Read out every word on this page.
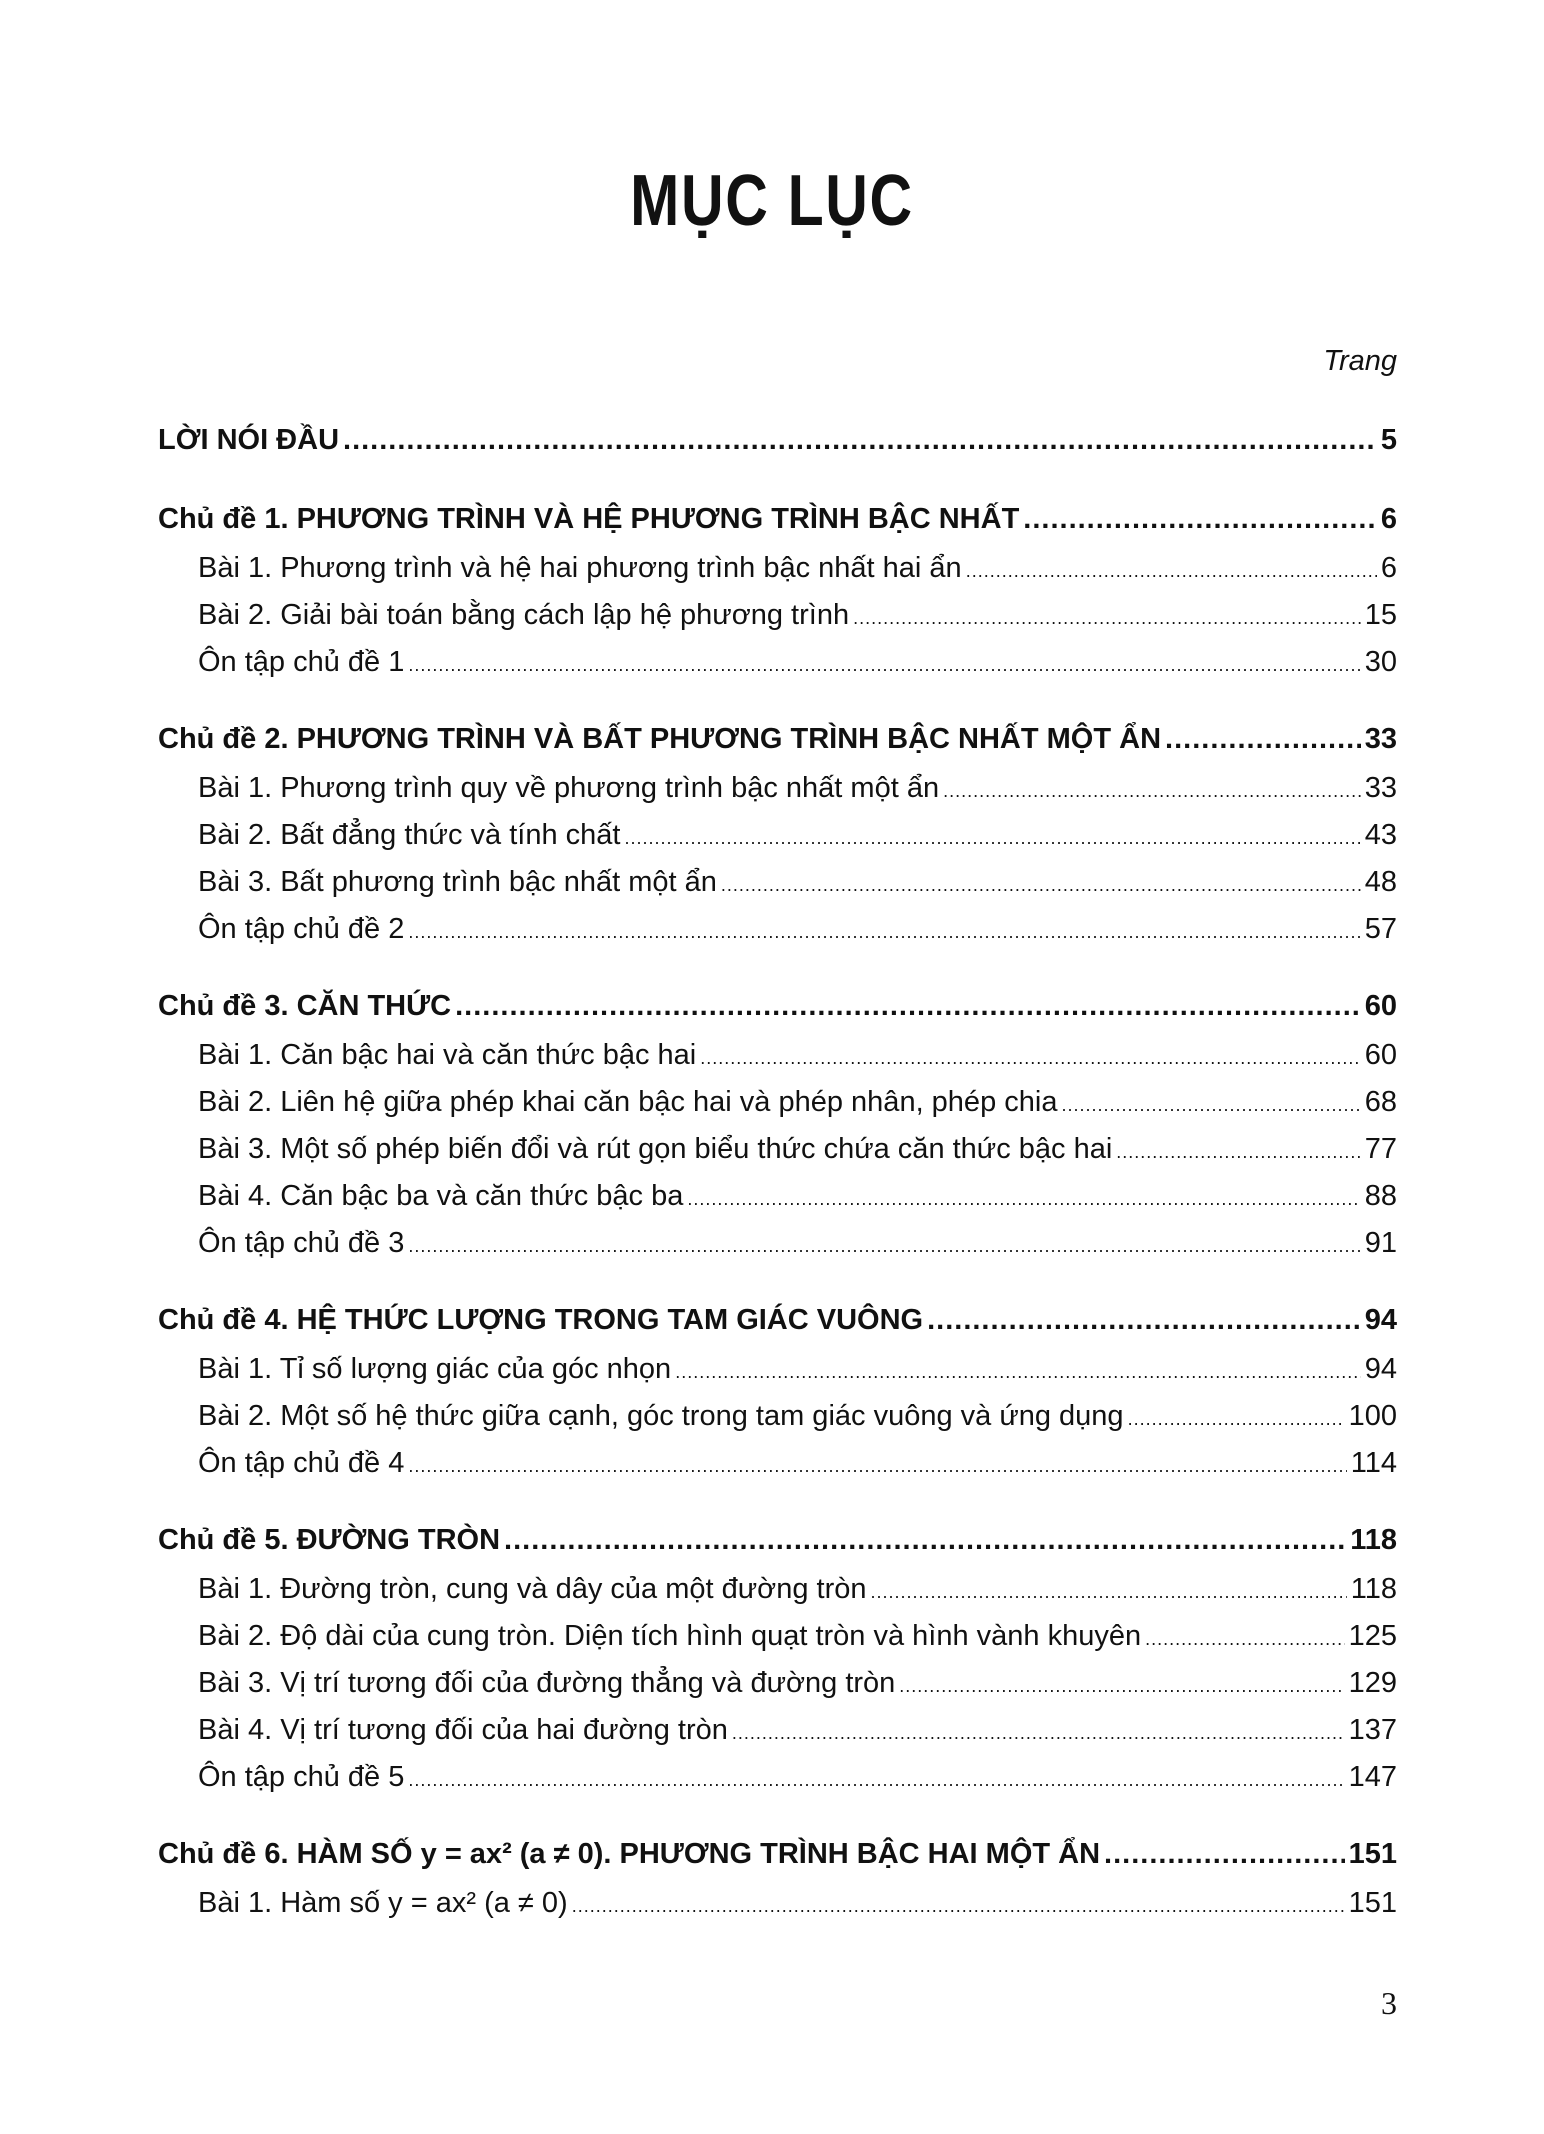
MỤC LỤC
Trang
LỜI NÓI ĐẦU .....	5
Chủ đề 1. PHƯƠNG TRÌNH VÀ HỆ PHƯƠNG TRÌNH BẬC NHẤT .....	6
Bài 1. Phương trình và hệ hai phương trình bậc nhất hai ẩn .....	6
Bài 2. Giải bài toán bằng cách lập hệ phương trình .....	15
Ôn tập chủ đề 1 .....	30
Chủ đề 2. PHƯƠNG TRÌNH VÀ BẤT PHƯƠNG TRÌNH BẬC NHẤT MỘT ẨN .....	33
Bài 1. Phương trình quy về phương trình bậc nhất một ẩn .....	33
Bài 2. Bất đẳng thức và tính chất .....	43
Bài 3. Bất phương trình bậc nhất một ẩn .....	48
Ôn tập chủ đề 2 .....	57
Chủ đề 3. CĂN THỨC .....	60
Bài 1. Căn bậc hai và căn thức bậc hai .....	60
Bài 2. Liên hệ giữa phép khai căn bậc hai và phép nhân, phép chia .....	68
Bài 3. Một số phép biến đổi và rút gọn biểu thức chứa căn thức bậc hai .....	77
Bài 4. Căn bậc ba và căn thức bậc ba .....	88
Ôn tập chủ đề 3 .....	91
Chủ đề 4. HỆ THỨC LƯỢNG TRONG TAM GIÁC VUÔNG .....	94
Bài 1. Tỉ số lượng giác của góc nhọn .....	94
Bài 2. Một số hệ thức giữa cạnh, góc trong tam giác vuông và ứng dụng .....	100
Ôn tập chủ đề 4 .....	114
Chủ đề 5. ĐƯỜNG TRÒN .....	118
Bài 1. Đường tròn, cung và dây của một đường tròn .....	118
Bài 2. Độ dài của cung tròn. Diện tích hình quạt tròn và hình vành khuyên .....	125
Bài 3. Vị trí tương đối của đường thẳng và đường tròn .....	129
Bài 4. Vị trí tương đối của hai đường tròn .....	137
Ôn tập chủ đề 5 .....	147
Chủ đề 6. HÀM SỐ y = ax² (a ≠ 0). PHƯƠNG TRÌNH BẬC HAI MỘT ẨN .....	151
Bài 1. Hàm số y = ax² (a ≠ 0) .....	151
3
